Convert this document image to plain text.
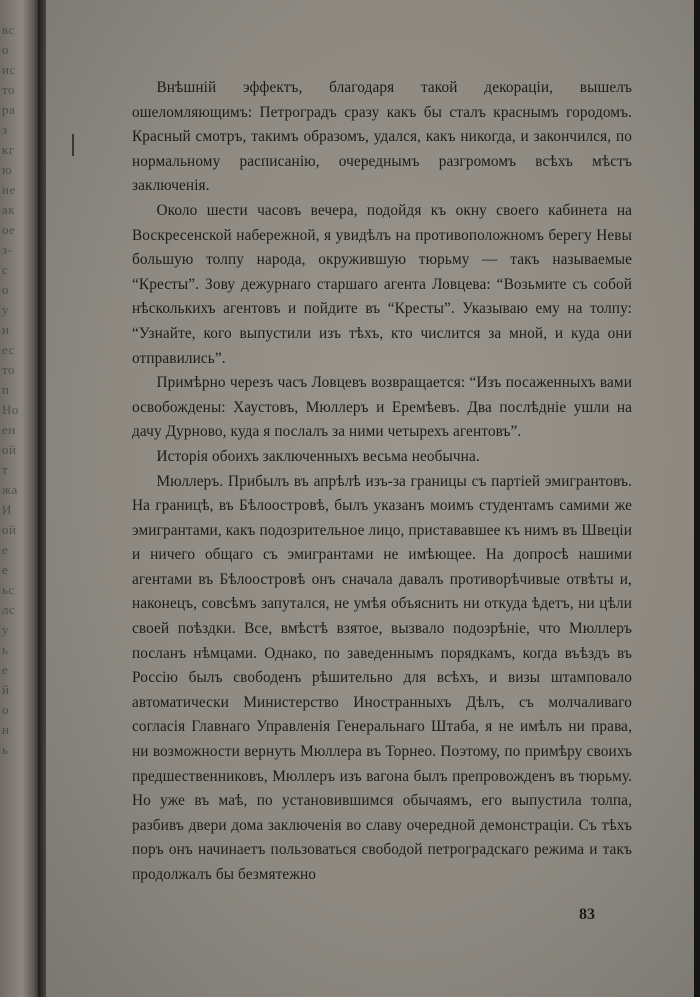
вс
о
ис
то
ра
з
кг
ю
не
ак
ое
з-
с
о
у
и
ес
то
п
Но
ен
ой
т
жа
И
ой
е
е
ьс
лс
у
ь
е
й
о
н
ь

Внѣшній эффектъ, благодаря такой декораціи, вышелъ ошеломляющимъ: Петроградъ сразу какъ бы сталъ краснымъ городомъ. Красный смотръ, такимъ образомъ, удался, какъ никогда, и закончился, по нормальному расписанію, очереднымъ разгромомъ всѣхъ мѣстъ заключенія.

Около шести часовъ вечера, подойдя къ окну своего кабинета на Воскресенской набережной, я увидѣлъ на противоположномъ берегу Невы большую толпу народа, окружившую тюрьму — такъ называемые “Кресты”. Зову дежурнаго старшаго агента Ловцева: “Возьмите съ собой нѣсколькихъ агентовъ и пойдите въ “Кресты”. Указываю ему на толпу: “Узнайте, кого выпустили изъ тѣхъ, кто числится за мной, и куда они отправились”.

Примѣрно черезъ часъ Ловцевъ возвращается: “Изъ посаженныхъ вами освобождены: Хаустовъ, Мюллеръ и Еремѣевъ. Два послѣдніе ушли на дачу Дурново, куда я послалъ за ними четырехъ агентовъ”.

Исторія обоихъ заключенныхъ весьма необычна.

Мюллеръ. Прибылъ въ апрѣлѣ изъ-за границы съ партіей эмигрантовъ. На границѣ, въ Бѣлоостровѣ, былъ указанъ моимъ студентамъ самими же эмигрантами, какъ подозрительное лицо, пристававшее къ нимъ въ Швеціи и ничего общаго съ эмигрантами не имѣющее. На допросѣ нашими агентами въ Бѣлоостровѣ онъ сначала давалъ противорѣчивые отвѣты и, наконецъ, совсѣмъ запутался, не умѣя объяснить ни откуда ѣдетъ, ни цѣли своей поѣздки. Все, вмѣстѣ взятое, вызвало подозрѣніе, что Мюллеръ посланъ нѣмцами. Однако, по заведеннымъ порядкамъ, когда въѣздъ въ Россію былъ свободенъ рѣшительно для всѣхъ, и визы штамповало автоматически Министерство Иностранныхъ Дѣлъ, съ молчаливаго согласія Главнаго Управленія Генеральнаго Штаба, я не имѣлъ ни права, ни возможности вернуть Мюллера въ Торнео. Поэтому, по примѣру своихъ предшественниковъ, Мюллеръ изъ вагона былъ препровожденъ въ тюрьму. Но уже въ маѣ, по установившимся обычаямъ, его выпустила толпа, разбивъ двери дома заключенія во славу очередной демонстраціи. Съ тѣхъ поръ онъ начинаетъ пользоваться свободой петроградскаго режима и такъ продолжалъ бы безмятежно

83
